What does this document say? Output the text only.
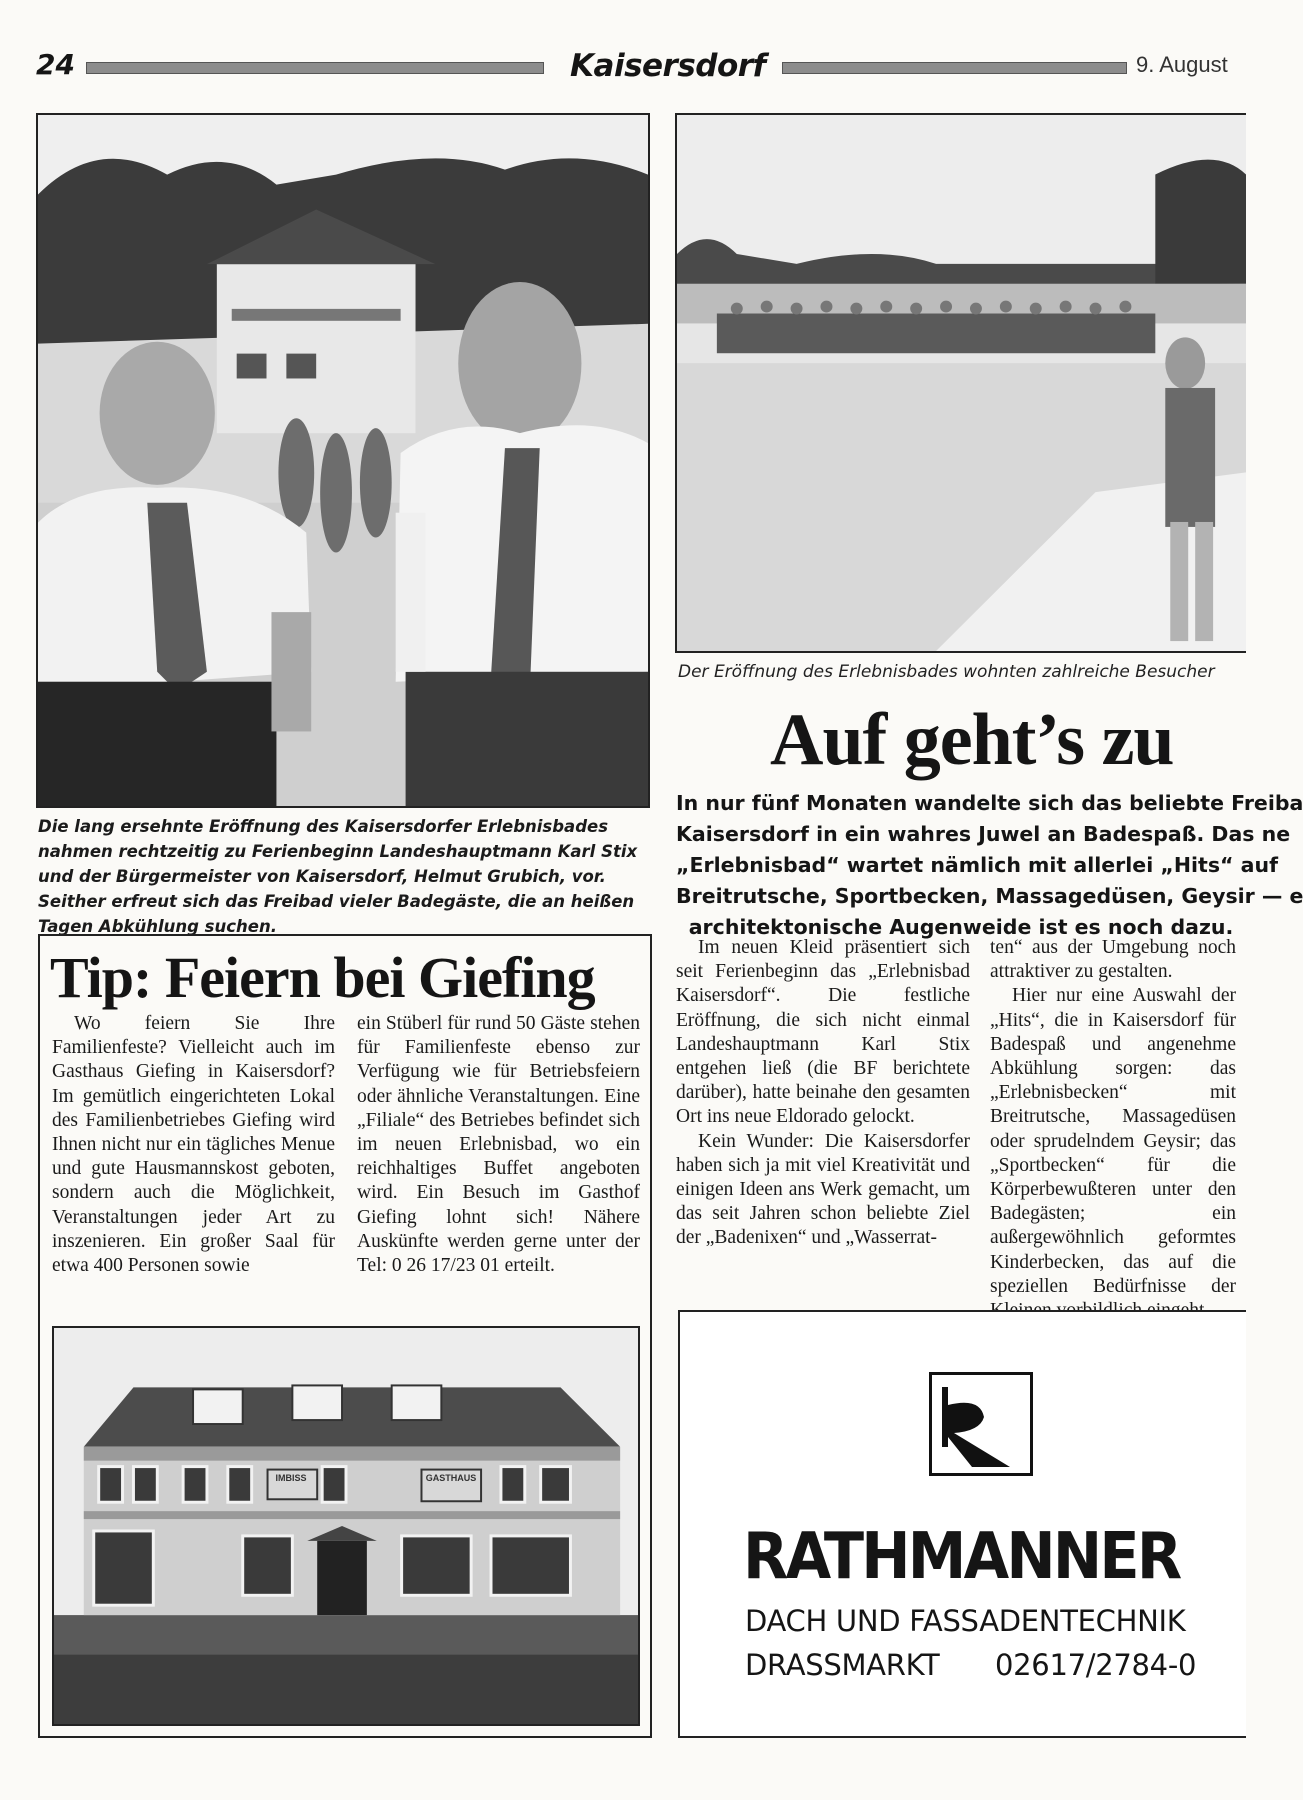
24	Kaisersdorf	9. August
Die lang ersehnte Eröffnung des Kaisersdorfer Erlebnisbades nahmen rechtzeitig zu Ferienbeginn Landeshauptmann Karl Stix und der Bürgermeister von Kaisersdorf, Helmut Grubich, vor. Seither erfreut sich das Freibad vieler Badegäste, die an heißen Tagen Abkühlung suchen.
Der Eröffnung des Erlebnisbades wohnten zahlreiche Besucher
Auf geht’s zu
In nur fünf Monaten wandelte sich das beliebte Freiba
Kaisersdorf in ein wahres Juwel an Badespaß. Das ne
„Erlebnisbad“ wartet nämlich mit allerlei „Hits“ auf
Breitrutsche, Sportbecken, Massagedüsen, Geysir — e
architektonische Augenweide ist es noch dazu.

Im neuen Kleid präsentiert sich seit Ferienbeginn das „Erlebnisbad Kaisersdorf“. Die festliche Eröffnung, die sich nicht einmal Landeshauptmann Karl Stix entgehen ließ (die BF berichtete darüber), hatte beinahe den gesamten Ort ins neue Eldorado gelockt.

Kein Wunder: Die Kaisersdorfer haben sich ja mit viel Kreativität und einigen Ideen ans Werk gemacht, um das seit Jahren schon beliebte Ziel der „Badenixen“ und „Wasserrat-

ten“ aus der Umgebung noch attraktiver zu gestalten.

Hier nur eine Auswahl der „Hits“, die in Kaisersdorf für Badespaß und angenehme Abkühlung sorgen: das „Erlebnisbecken“ mit Breitrutsche, Massagedüsen oder sprudelndem Geysir; das „Sportbecken“ für die Körperbewußteren unter den Badegästen; ein außergewöhnlich geformtes Kinderbecken, das auf die speziellen Bedürfnisse der

Tip: Feiern bei Giefing

Wo feiern Sie Ihre Familienfeste? Vielleicht auch im Gasthaus Giefing in Kaisersdorf? Im gemütlich eingerichteten Lokal des Familienbetriebes Giefing wird Ihnen nicht nur ein tägliches Menue und gute Hausmannskost geboten, sondern auch die Möglichkeit, Veranstaltungen jeder Art zu inszenieren. Ein großer Saal für etwa 400 Personen sowie

ein Stüberl für rund 50 Gäste stehen für Familienfeste ebenso zur Verfügung wie für Betriebsfeiern oder ähnliche Veranstaltungen. Eine „Filiale“ des Betriebes befindet sich im neuen Erlebnisbad, wo ein reichhaltiges Buffet angeboten wird. Ein Besuch im Gasthof Giefing lohnt sich! Nähere Auskünfte werden gerne unter der Tel: 0 26 17/23 01 erteilt.

IMBISS	GASTHAUS
RATHMANNER
DACH UND FASSADENTECHNIK
DRASSMARKT 02617/2784-0
